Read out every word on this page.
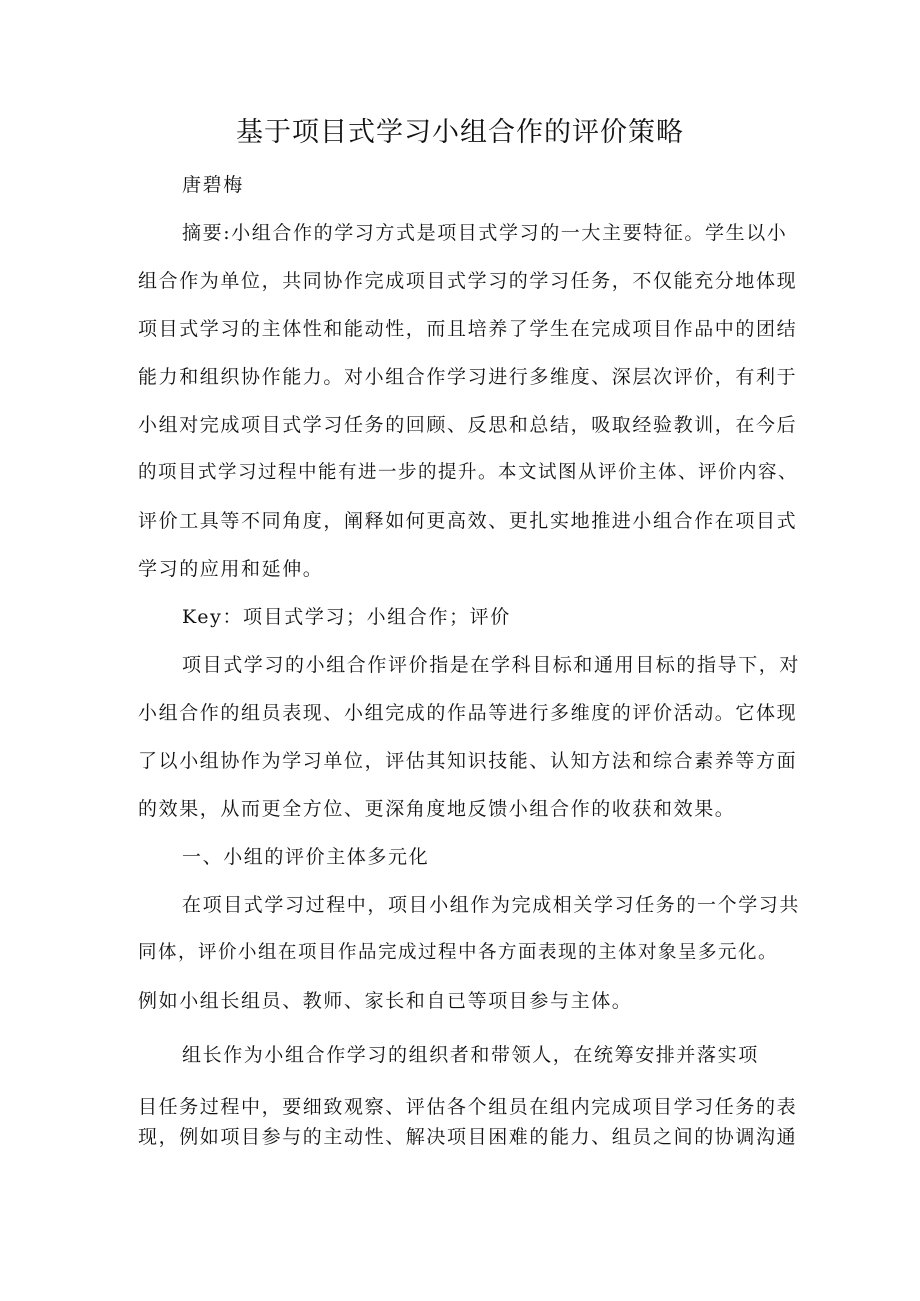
基于项目式学习小组合作的评价策略
唐碧梅
摘要:小组合作的学习方式是项目式学习的一大主要特征。学生以小
组合作为单位，共同协作完成项目式学习的学习任务，不仅能充分地体现
项目式学习的主体性和能动性，而且培养了学生在完成项目作品中的团结
能力和组织协作能力。对小组合作学习进行多维度、深层次评价，有利于
小组对完成项目式学习任务的回顾、反思和总结，吸取经验教训，在今后
的项目式学习过程中能有进一步的提升。本文试图从评价主体、评价内容、
评价工具等不同角度，阐释如何更高效、更扎实地推进小组合作在项目式
学习的应用和延伸。
Key：项目式学习；小组合作；评价
项目式学习的小组合作评价指是在学科目标和通用目标的指导下，对
小组合作的组员表现、小组完成的作品等进行多维度的评价活动。它体现
了以小组协作为学习单位，评估其知识技能、认知方法和综合素养等方面
的效果，从而更全方位、更深角度地反馈小组合作的收获和效果。
一、小组的评价主体多元化
在项目式学习过程中，项目小组作为完成相关学习任务的一个学习共
同体，评价小组在项目作品完成过程中各方面表现的主体对象呈多元化。
例如小组长组员、教师、家长和自已等项目参与主体。
组长作为小组合作学习的组织者和带领人，在统筹安排并落实项
目任务过程中，要细致观察、评估各个组员在组内完成项目学习任务的表
现，例如项目参与的主动性、解决项目困难的能力、组员之间的协调沟通
